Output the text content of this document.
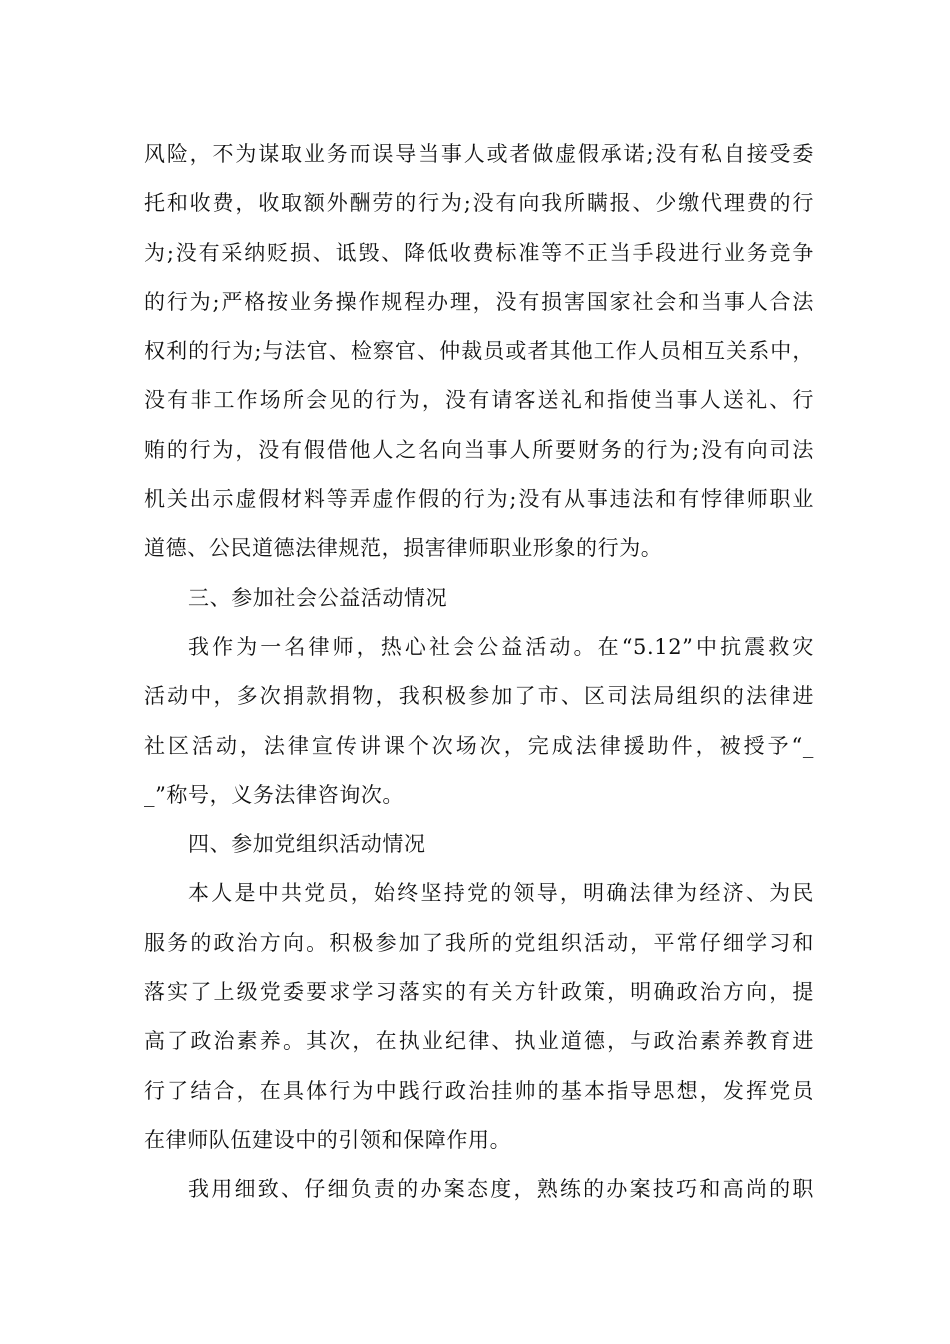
风险，不为谋取业务而误导当事人或者做虚假承诺;没有私自接受委
托和收费，收取额外酬劳的行为;没有向我所瞒报、少缴代理费的行
为;没有采纳贬损、诋毁、降低收费标准等不正当手段进行业务竞争
的行为;严格按业务操作规程办理，没有损害国家社会和当事人合法
权利的行为;与法官、检察官、仲裁员或者其他工作人员相互关系中，
没有非工作场所会见的行为，没有请客送礼和指使当事人送礼、行
贿的行为，没有假借他人之名向当事人所要财务的行为;没有向司法
机关出示虚假材料等弄虚作假的行为;没有从事违法和有悖律师职业
道德、公民道德法律规范，损害律师职业形象的行为。
三、参加社会公益活动情况
我作为一名律师，热心社会公益活动。在“5.12”中抗震救灾
活动中，多次捐款捐物，我积极参加了市、区司法局组织的法律进
社区活动，法律宣传讲课个次场次，完成法律援助件，被授予“_
_”称号，义务法律咨询次。
四、参加党组织活动情况
本人是中共党员，始终坚持党的领导，明确法律为经济、为民
服务的政治方向。积极参加了我所的党组织活动，平常仔细学习和
落实了上级党委要求学习落实的有关方针政策，明确政治方向，提
高了政治素养。其次，在执业纪律、执业道德，与政治素养教育进
行了结合，在具体行为中践行政治挂帅的基本指导思想，发挥党员
在律师队伍建设中的引领和保障作用。
我用细致、仔细负责的办案态度，熟练的办案技巧和高尚的职
